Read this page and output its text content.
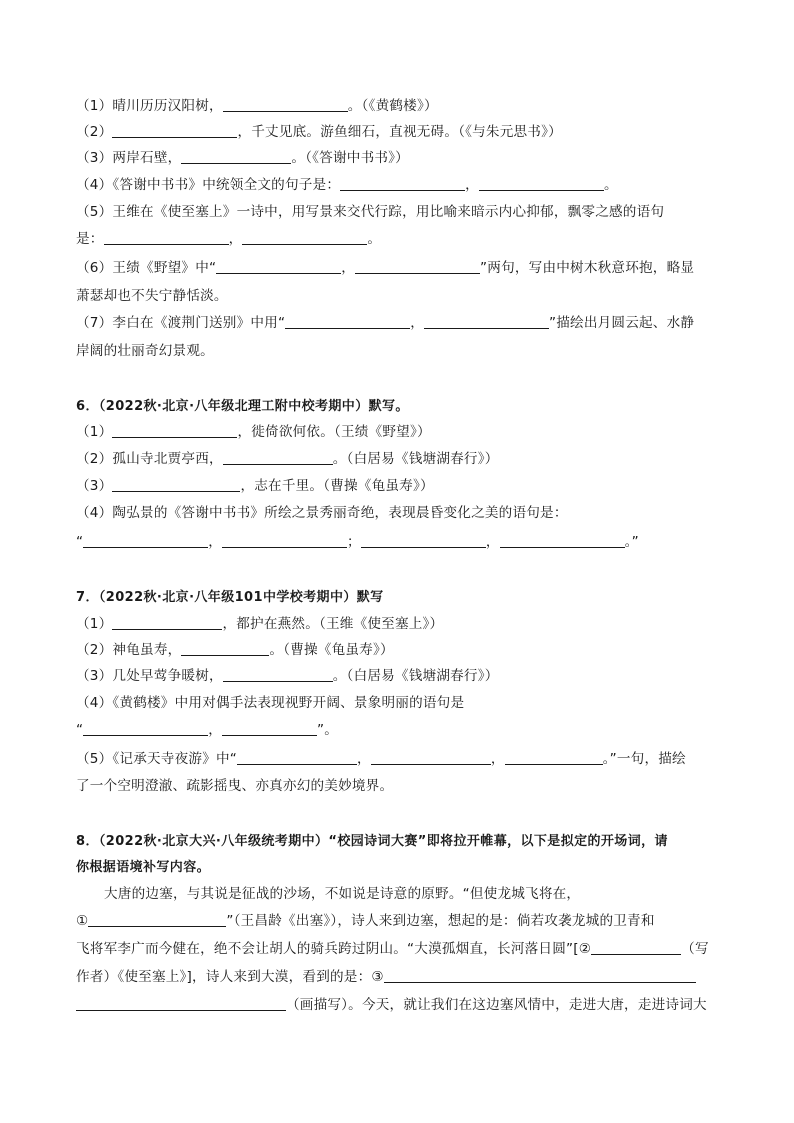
（1）晴川历历汉阳树，	。（《黄鹤楼》）
（2）	，千丈见底。游鱼细石，直视无碍。（《与朱元思书》）
（3）两岸石壁，	。（《答谢中书书》）
（4）《答谢中书书》中统领全文的句子是：	，	。
（5）王维在《使至塞上》一诗中，用写景来交代行踪，用比喻来暗示内心抑郁，飘零之感的语句
是：	，	。
（6）王绩《野望》中“	，	”两句，写由中树木秋意环抱，略显
萧瑟却也不失宁静恬淡。
（7）李白在《渡荆门送别》中用“	，	”描绘出月圆云起、水静
岸阔的壮丽奇幻景观。
6．（2022秋·北京·八年级北理工附中校考期中）默写。
（1）	，徙倚欲何依。（王绩《野望》）
（2）孤山寺北贾亭西，	。（白居易《钱塘湖春行》）
（3）	，志在千里。（曹操《龟虽寿》）
（4）陶弘景的《答谢中书书》所绘之景秀丽奇绝，表现晨昏变化之美的语句是：
“	，	；	，	。”
7．（2022秋·北京·八年级101中学校考期中）默写
（1）	，都护在燕然。（王维《使至塞上》）
（2）神龟虽寿，	。（曹操《龟虽寿》）
（3）几处早莺争暖树，	。（白居易《钱塘湖春行》）
（4）《黄鹤楼》中用对偶手法表现视野开阔、景象明丽的语句是
“	，	”。
（5）《记承天寺夜游》中“	，	，	。”一句，描绘
了一个空明澄澈、疏影摇曳、亦真亦幻的美妙境界。
8．（2022秋·北京大兴·八年级统考期中）“校园诗词大赛”即将拉开帷幕，以下是拟定的开场词，请
你根据语境补写内容。
大唐的边塞，与其说是征战的沙场，不如说是诗意的原野。“但使龙城飞将在，
①	”（王昌龄《出塞》），诗人来到边塞，想起的是：倘若攻袭龙城的卫青和
飞将军李广而今健在，绝不会让胡人的骑兵跨过阴山。“大漠孤烟直，长河落日圆”[②	（写
作者）《使至塞上》]，诗人来到大漠，看到的是：③
（画描写）。今天，就让我们在这边塞风情中，走进大唐，走进诗词大
